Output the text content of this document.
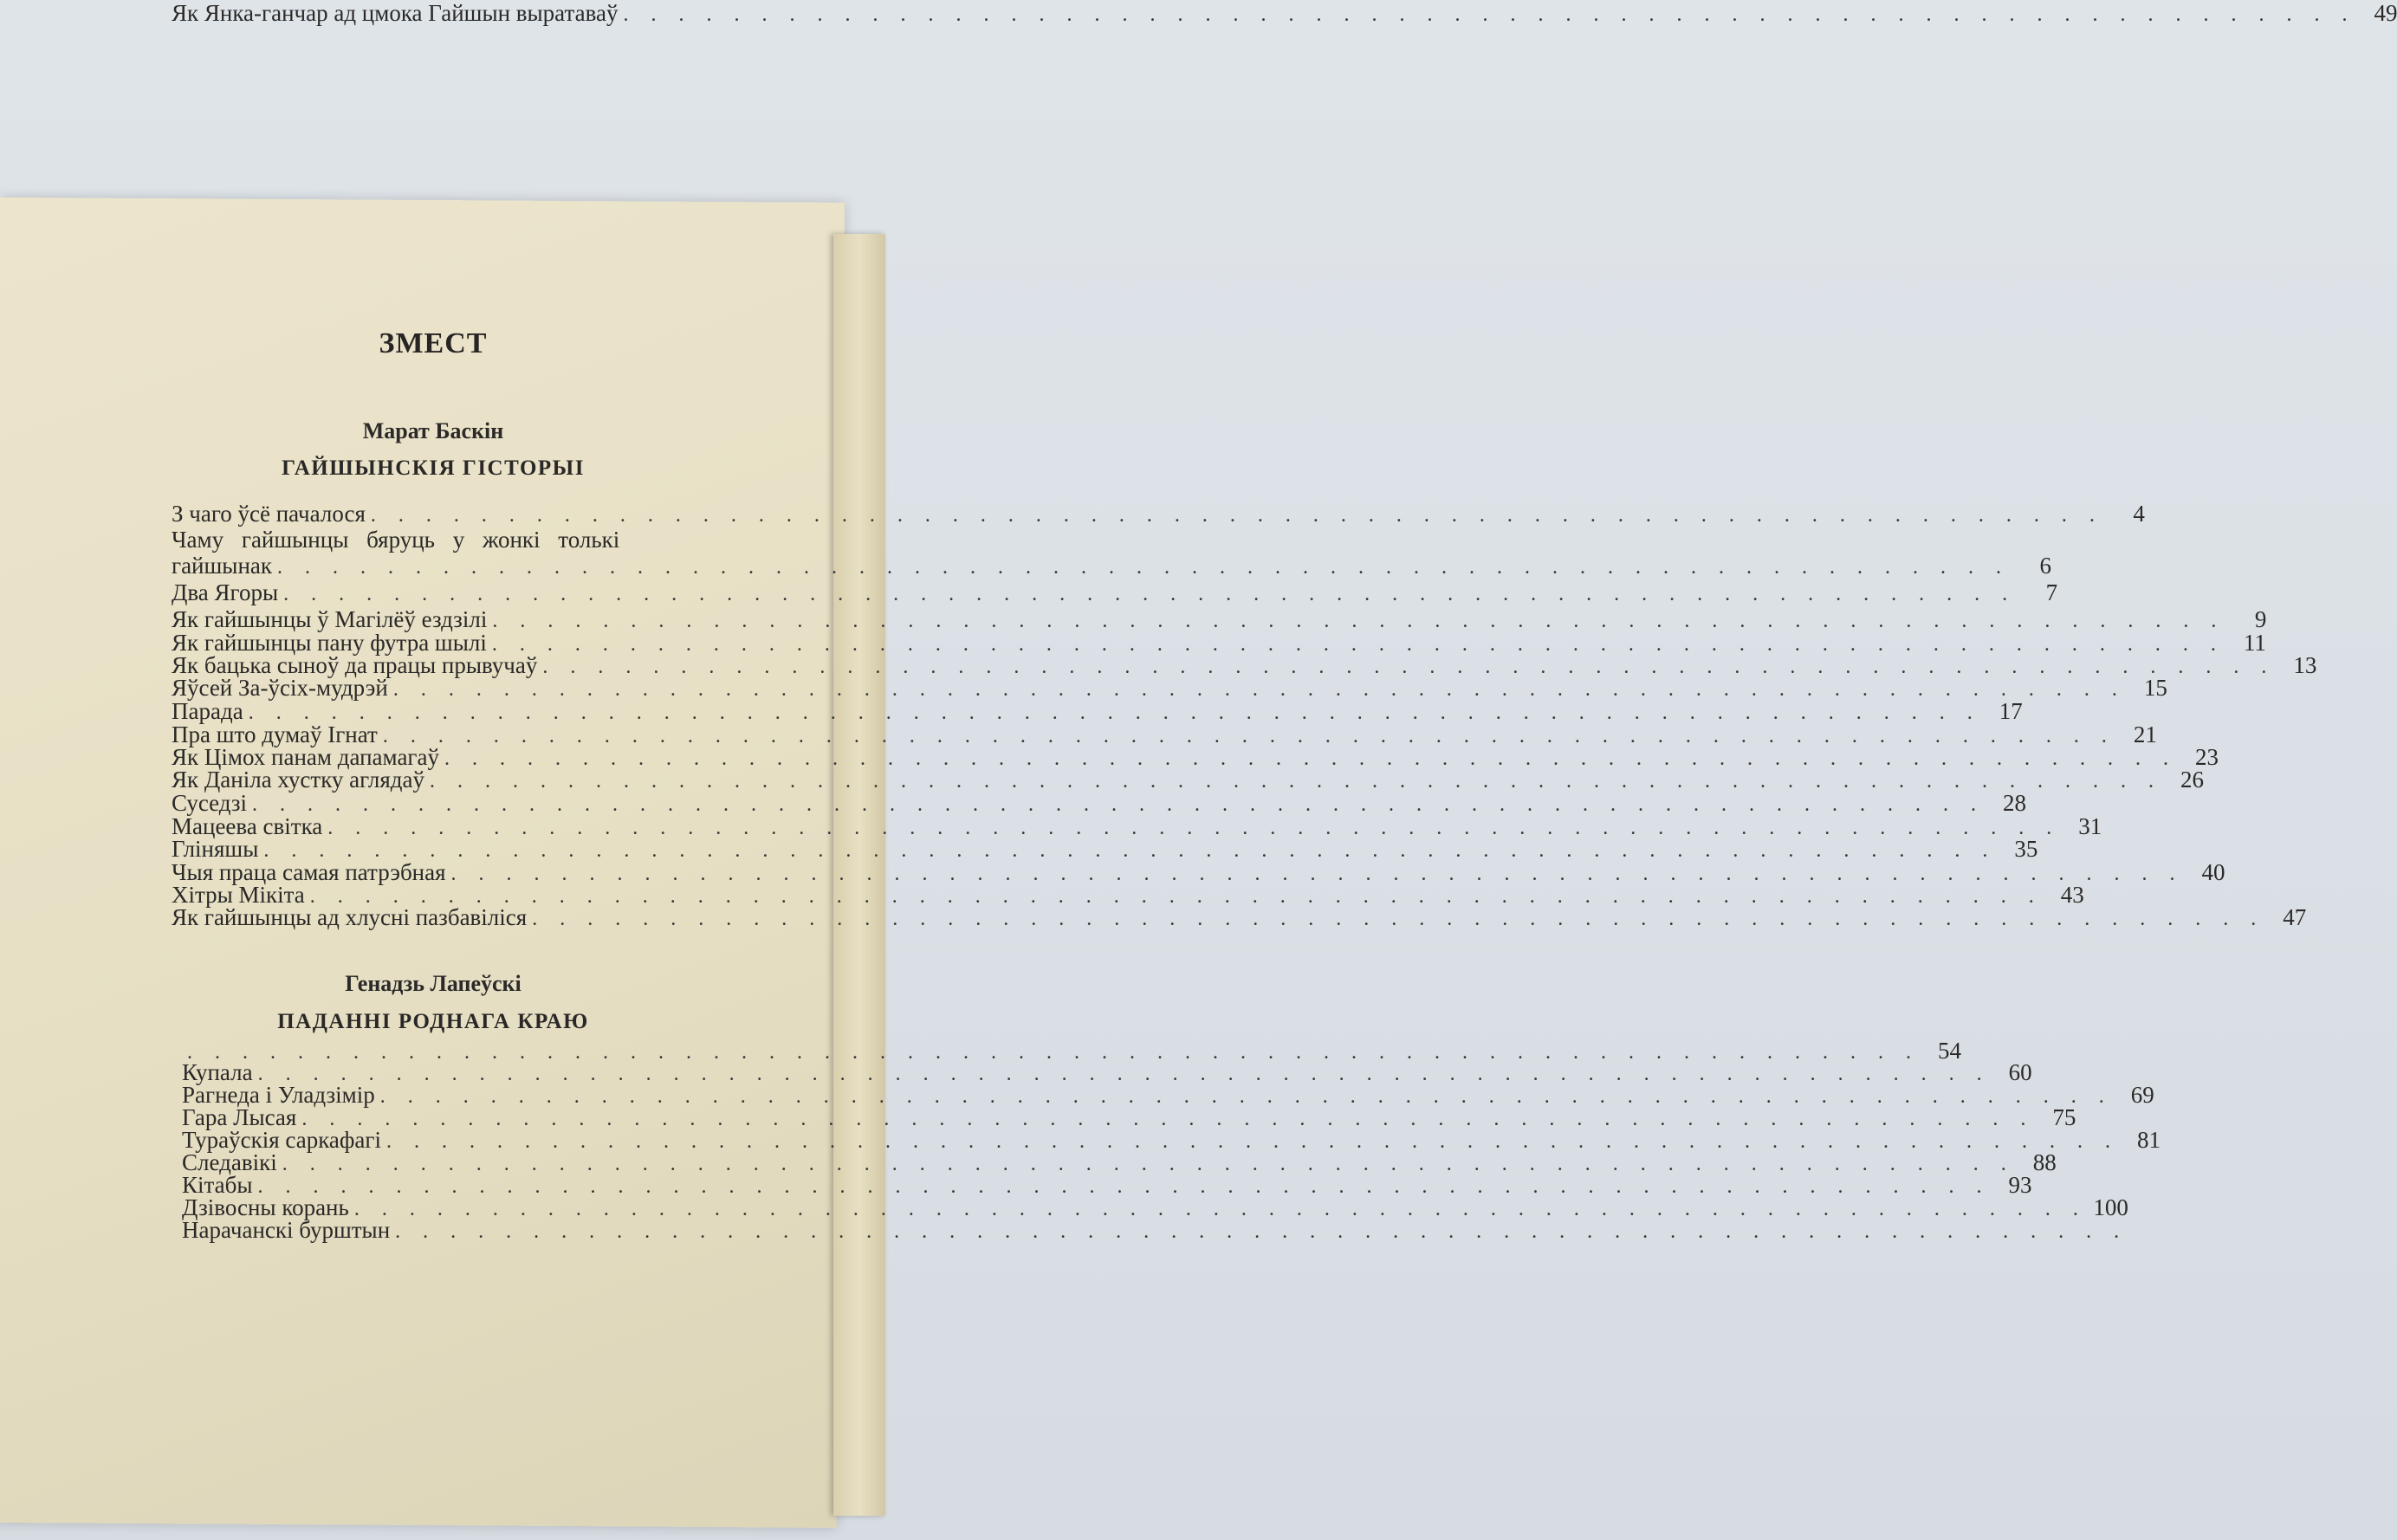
ЗМЕСТ
Марат Баскін
ГАЙШЫНСКІЯ ГІСТОРЫІ
Генадзь Лапеўскі
ПАДАННІ РОДНАГА КРАЮ
З чаго ўсё пачалося . . . . . . . . . . . . . . . . . . . . . . . . . . . . . . . . . . . . . . . . . . . . . . . . . . . . . . . . . . . . . . .	4
Чаму гайшынцы бяруць у жонкі толькі
гайшынак . . . . . . . . . . . . . . . . . . . . . . . . . . . . . . . . . . . . . . . . . . . . . . . . . . . . . . . . . . . . . . .	6
Два Ягоры . . . . . . . . . . . . . . . . . . . . . . . . . . . . . . . . . . . . . . . . . . . . . . . . . . . . . . . . . . . . . . .	7
Як гайшынцы ў Магілёў ездзілі . . . . . . . . . . . . . . . . . . . . . . . . . . . . . . . . . . . . . . . . . . . . . . . . . . . . . . . . . . . . . . .	9
Як гайшынцы пану футра шылі . . . . . . . . . . . . . . . . . . . . . . . . . . . . . . . . . . . . . . . . . . . . . . . . . . . . . . . . . . . . . . . 11
Як бацька сыноў да працы прывучаў . . . . . . . . . . . . . . . . . . . . . . . . . . . . . . . . . . . . . . . . . . . . . . . . . . . . . . . . . . . . . . . 13
Яўсей За-ўсіх-мудрэй . . . . . . . . . . . . . . . . . . . . . . . . . . . . . . . . . . . . . . . . . . . . . . . . . . . . . . . . . . . . . . . 15
Парада . . . . . . . . . . . . . . . . . . . . . . . . . . . . . . . . . . . . . . . . . . . . . . . . . . . . . . . . . . . . . . . 17
Пра што думаў Ігнат . . . . . . . . . . . . . . . . . . . . . . . . . . . . . . . . . . . . . . . . . . . . . . . . . . . . . . . . . . . . . . . 21
Як Цімох панам дапамагаў . . . . . . . . . . . . . . . . . . . . . . . . . . . . . . . . . . . . . . . . . . . . . . . . . . . . . . . . . . . . . . . 23
Як Даніла хустку аглядаў . . . . . . . . . . . . . . . . . . . . . . . . . . . . . . . . . . . . . . . . . . . . . . . . . . . . . . . . . . . . . . . 26
Суседзі . . . . . . . . . . . . . . . . . . . . . . . . . . . . . . . . . . . . . . . . . . . . . . . . . . . . . . . . . . . . . . . 28
Мацеева світка . . . . . . . . . . . . . . . . . . . . . . . . . . . . . . . . . . . . . . . . . . . . . . . . . . . . . . . . . . . . . . . 31
Гліняшы . . . . . . . . . . . . . . . . . . . . . . . . . . . . . . . . . . . . . . . . . . . . . . . . . . . . . . . . . . . . . . . 35
Чыя праца самая патрэбная . . . . . . . . . . . . . . . . . . . . . . . . . . . . . . . . . . . . . . . . . . . . . . . . . . . . . . . . . . . . . . . 40
Хітры Мікіта . . . . . . . . . . . . . . . . . . . . . . . . . . . . . . . . . . . . . . . . . . . . . . . . . . . . . . . . . . . . . . . 43
Як гайшынцы ад хлусні пазбавіліся . . . . . . . . . . . . . . . . . . . . . . . . . . . . . . . . . . . . . . . . . . . . . . . . . . . . . . . . . . . . . . . 47
Як Янка-ганчар ад цмока Гайшын выратаваў . . . . . . . . . . . . . . . . . . . . . . . . . . . . . . . . . . . . . . . . . . . . . . . . . . . . . . . . . . . . . . . 49
. . . . . . . . . . . . . . . . . . . . . . . . . . . . . . . . . . . . . . . . . . . . . . . . . . . . . . . . . . . . . . . 54
Купала . . . . . . . . . . . . . . . . . . . . . . . . . . . . . . . . . . . . . . . . . . . . . . . . . . . . . . . . . . . . . . . 60
Рагнеда і Уладзімір . . . . . . . . . . . . . . . . . . . . . . . . . . . . . . . . . . . . . . . . . . . . . . . . . . . . . . . . . . . . . . . 69
Гара Лысая . . . . . . . . . . . . . . . . . . . . . . . . . . . . . . . . . . . . . . . . . . . . . . . . . . . . . . . . . . . . . . . 75
Тураўскія саркафагі . . . . . . . . . . . . . . . . . . . . . . . . . . . . . . . . . . . . . . . . . . . . . . . . . . . . . . . . . . . . . . . 81
Следавікі . . . . . . . . . . . . . . . . . . . . . . . . . . . . . . . . . . . . . . . . . . . . . . . . . . . . . . . . . . . . . . . 88
Кітабы . . . . . . . . . . . . . . . . . . . . . . . . . . . . . . . . . . . . . . . . . . . . . . . . . . . . . . . . . . . . . . . 93
Дзівосны корань . . . . . . . . . . . . . . . . . . . . . . . . . . . . . . . . . . . . . . . . . . . . . . . . . . . . . . . . . . . . . . . 100
Нарачанскі бурштын . . . . . . . . . . . . . . . . . . . . . . . . . . . . . . . . . . . . . . . . . . . . . . . . . . . . . . . . . . . . . . .
